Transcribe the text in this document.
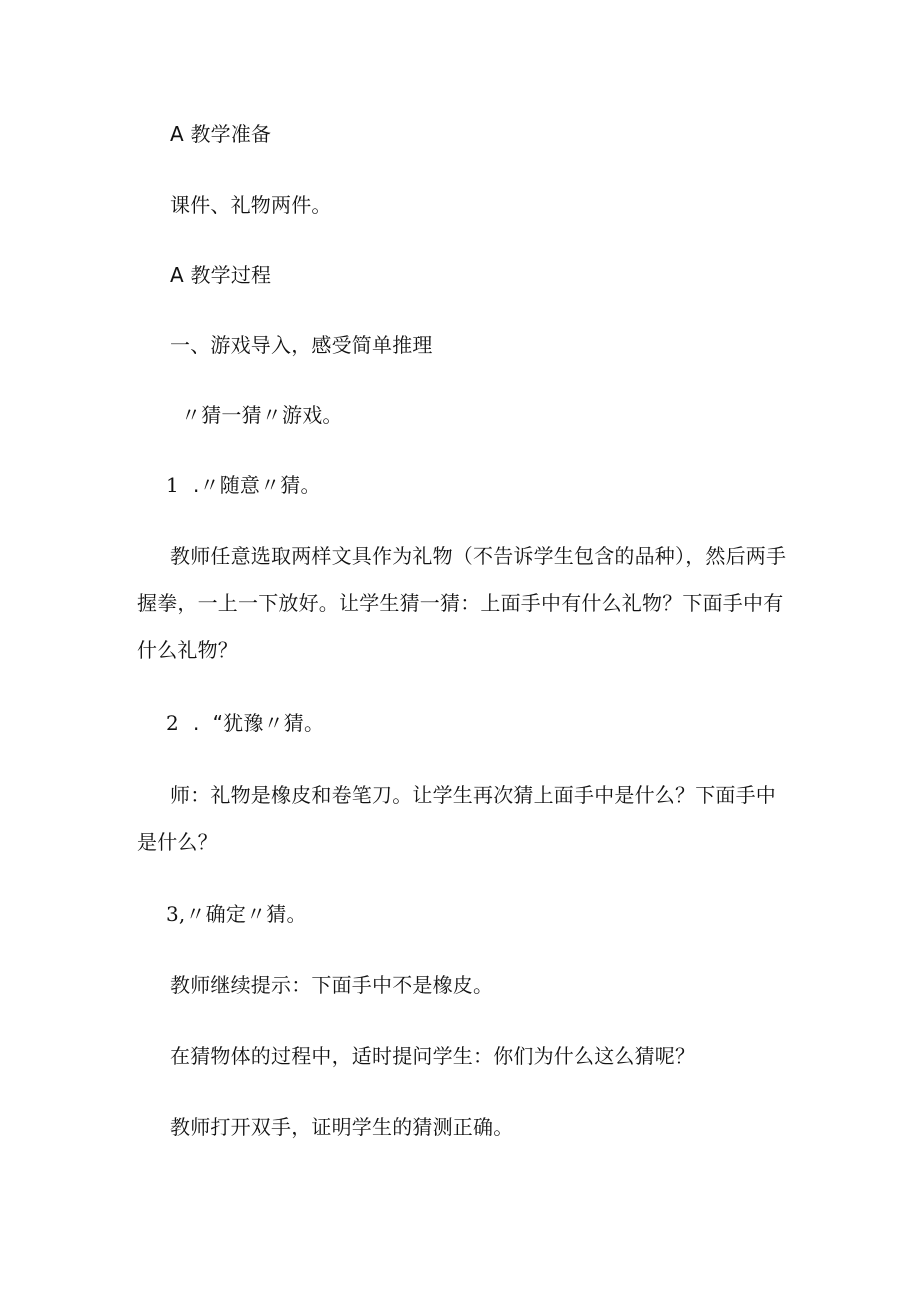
A 教学准备
课件、礼物两件。
A 教学过程
一、游戏导入，感受简单推理
〃猜一猜〃游戏。
1 .〃随意〃猜。
教师任意选取两样文具作为礼物（不告诉学生包含的品种），然后两手握拳，一上一下放好。让学生猜一猜：上面手中有什么礼物？下面手中有什么礼物？
2 .  “犹豫〃猜。
师：礼物是橡皮和卷笔刀。让学生再次猜上面手中是什么？下面手中是什么？
3,〃确定〃猜。
教师继续提示：下面手中不是橡皮。
在猜物体的过程中，适时提问学生：你们为什么这么猜呢？
教师打开双手，证明学生的猜测正确。
